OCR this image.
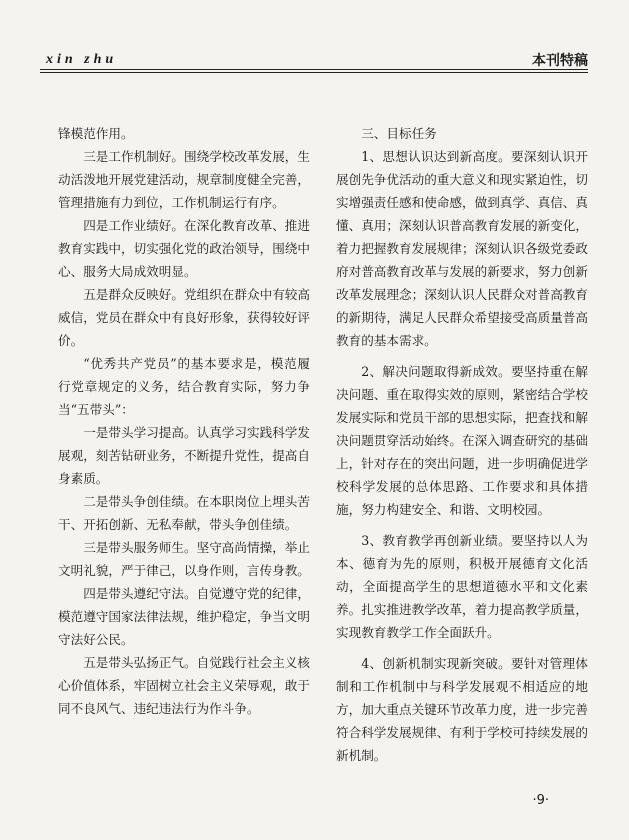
xin zhu	本刊特稿

锋模范作用。

三是工作机制好。围绕学校改革发展，生动活泼地开展党建活动，规章制度健全完善，管理措施有力到位，工作机制运行有序。

四是工作业绩好。在深化教育改革、推进教育实践中，切实强化党的政治领导，围绕中心、服务大局成效明显。

五是群众反映好。党组织在群众中有较高威信，党员在群众中有良好形象，获得较好评价。

“优秀共产党员”的基本要求是，模范履行党章规定的义务，结合教育实际，努力争当“五带头”：

一是带头学习提高。认真学习实践科学发展观，刻苦钻研业务，不断提升党性，提高自身素质。

二是带头争创佳绩。在本职岗位上埋头苦干、开拓创新、无私奉献，带头争创佳绩。

三是带头服务师生。坚守高尚情操，举止文明礼貌，严于律己，以身作则，言传身教。

四是带头遵纪守法。自觉遵守党的纪律，模范遵守国家法律法规，维护稳定，争当文明守法好公民。

五是带头弘扬正气。自觉践行社会主义核心价值体系，牢固树立社会主义荣辱观，敢于同不良风气、违纪违法行为作斗争。

三、目标任务

1、思想认识达到新高度。要深刻认识开展创先争优活动的重大意义和现实紧迫性，切实增强责任感和使命感，做到真学、真信、真懂、真用；深刻认识普高教育发展的新变化，着力把握教育发展规律；深刻认识各级党委政府对普高教育改革与发展的新要求，努力创新改革发展理念；深刻认识人民群众对普高教育的新期待，满足人民群众希望接受高质量普高教育的基本需求。

2、解决问题取得新成效。要坚持重在解决问题、重在取得实效的原则，紧密结合学校发展实际和党员干部的思想实际，把查找和解决问题贯穿活动始终。在深入调查研究的基础上，针对存在的突出问题，进一步明确促进学校科学发展的总体思路、工作要求和具体措施，努力构建安全、和谐、文明校园。

3、教育教学再创新业绩。要坚持以人为本、德育为先的原则，积极开展德育文化活动，全面提高学生的思想道德水平和文化素养。扎实推进教学改革，着力提高教学质量，实现教育教学工作全面跃升。

4、创新机制实现新突破。要针对管理体制和工作机制中与科学发展观不相适应的地方，加大重点关键环节改革力度，进一步完善符合科学发展规律、有利于学校可持续发展的新机制。

·9·
